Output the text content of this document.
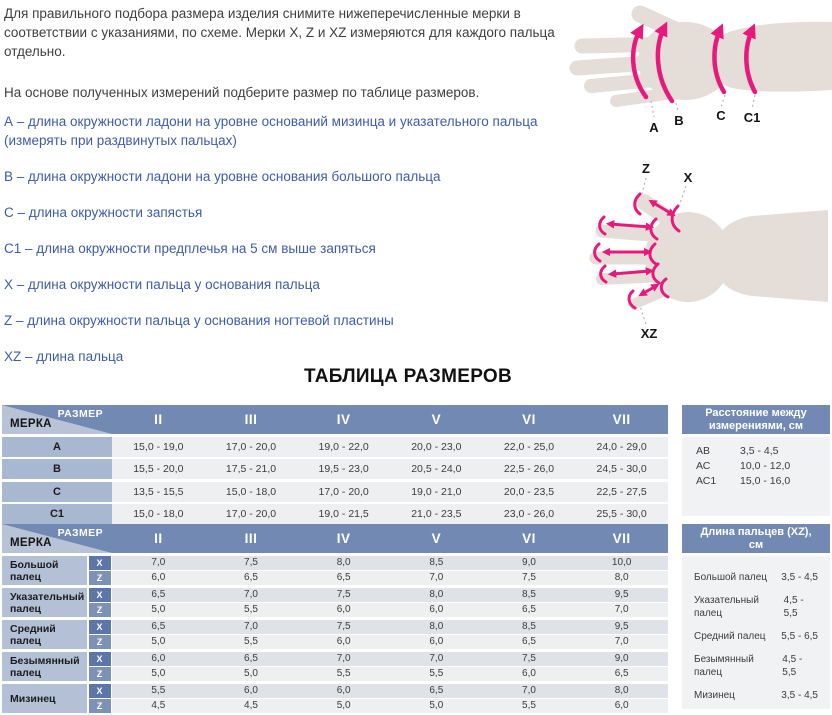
Для правильного подбора размера изделия снимите нижеперечисленные мерки в соответствии с указаниями, по схеме. Мерки X, Z и XZ измеряются для каждого пальца отдельно.

На основе полученных измерений подберите размер по таблице размеров.

А – длина окружности ладони на уровне оснований мизинца и указательного пальца (измерять при раздвинутых пальцах)

В – длина окружности ладони на уровне основания большого пальца

С – длина окружности запястья

С1 – длина окружности предплечья на 5 см выше запяться

X – длина окружности пальца у основания пальца

Z – длина окружности пальца у основания ногтевой пластины

XZ – длина пальца

А В	С С1
Z
X
XZ
ТАБЛИЦА РАЗМЕРОВ
РАЗМЕР
МЕРКА	II	III	IV	V	VI	VII
А	15,0 - 19,0	17,0 - 20,0	19,0 - 22,0	20,0 - 23,0	22,0 - 25,0	24,0 - 29,0
В	15,5 - 20,0	17,5 - 21,0	19,5 - 23,0	20,5 - 24,0	22,5 - 26,0	24,5 - 30,0
С	13,5 - 15,5	15,0 - 18,0	17,0 - 20,0	19,0 - 21,0	20,0 - 23,5	22,5 - 27,5
С1	15,0 - 18,0	17,0 - 20,0	19,0 - 21,5	21,0 - 23,5	23,0 - 26,0	25,5 - 30,0
Расстояние между измерениями, см
АВ	3,5 - 4,5
АС	10,0 - 12,0
АС1	15,0 - 16,0
РАЗМЕР
МЕРКА	II	III	IV	V	VI	VII
Большой палец
X	7,0	7,5	8,0	8,5	9,0	10,0
Z	6,0	6,5	6,5	7,0	7,5	8,0
Указательный палец
X	6,5	7,0	7,5	8,0	8,5	9,5
Z	5,0	5,5	6,0	6,0	6,5	7,0
Средний палец
X	6,5	7,0	7,5	8,0	8,5	9,5
Z	5,0	5,5	6,0	6,0	6,5	7,0
Безымянный палец
X	6,0	6,5	7,0	7,0	7,5	9,0
Z	5,0	5,0	5,5	5,5	6,0	6,5
Мизинец
X	5,5	6,0	6,0	6,5	7,0	8,0
Z	4,5	4,5	5,0	5,0	5,5	6,0
Длина пальцев (XZ), см
Большой палец 3,5 - 4,5
Указательный палец
4,5 - 5,5
Средний палец 5,5 - 6,5
Безымянный палец
4,5 - 5,5
Мизинец	3,5 - 4,5
